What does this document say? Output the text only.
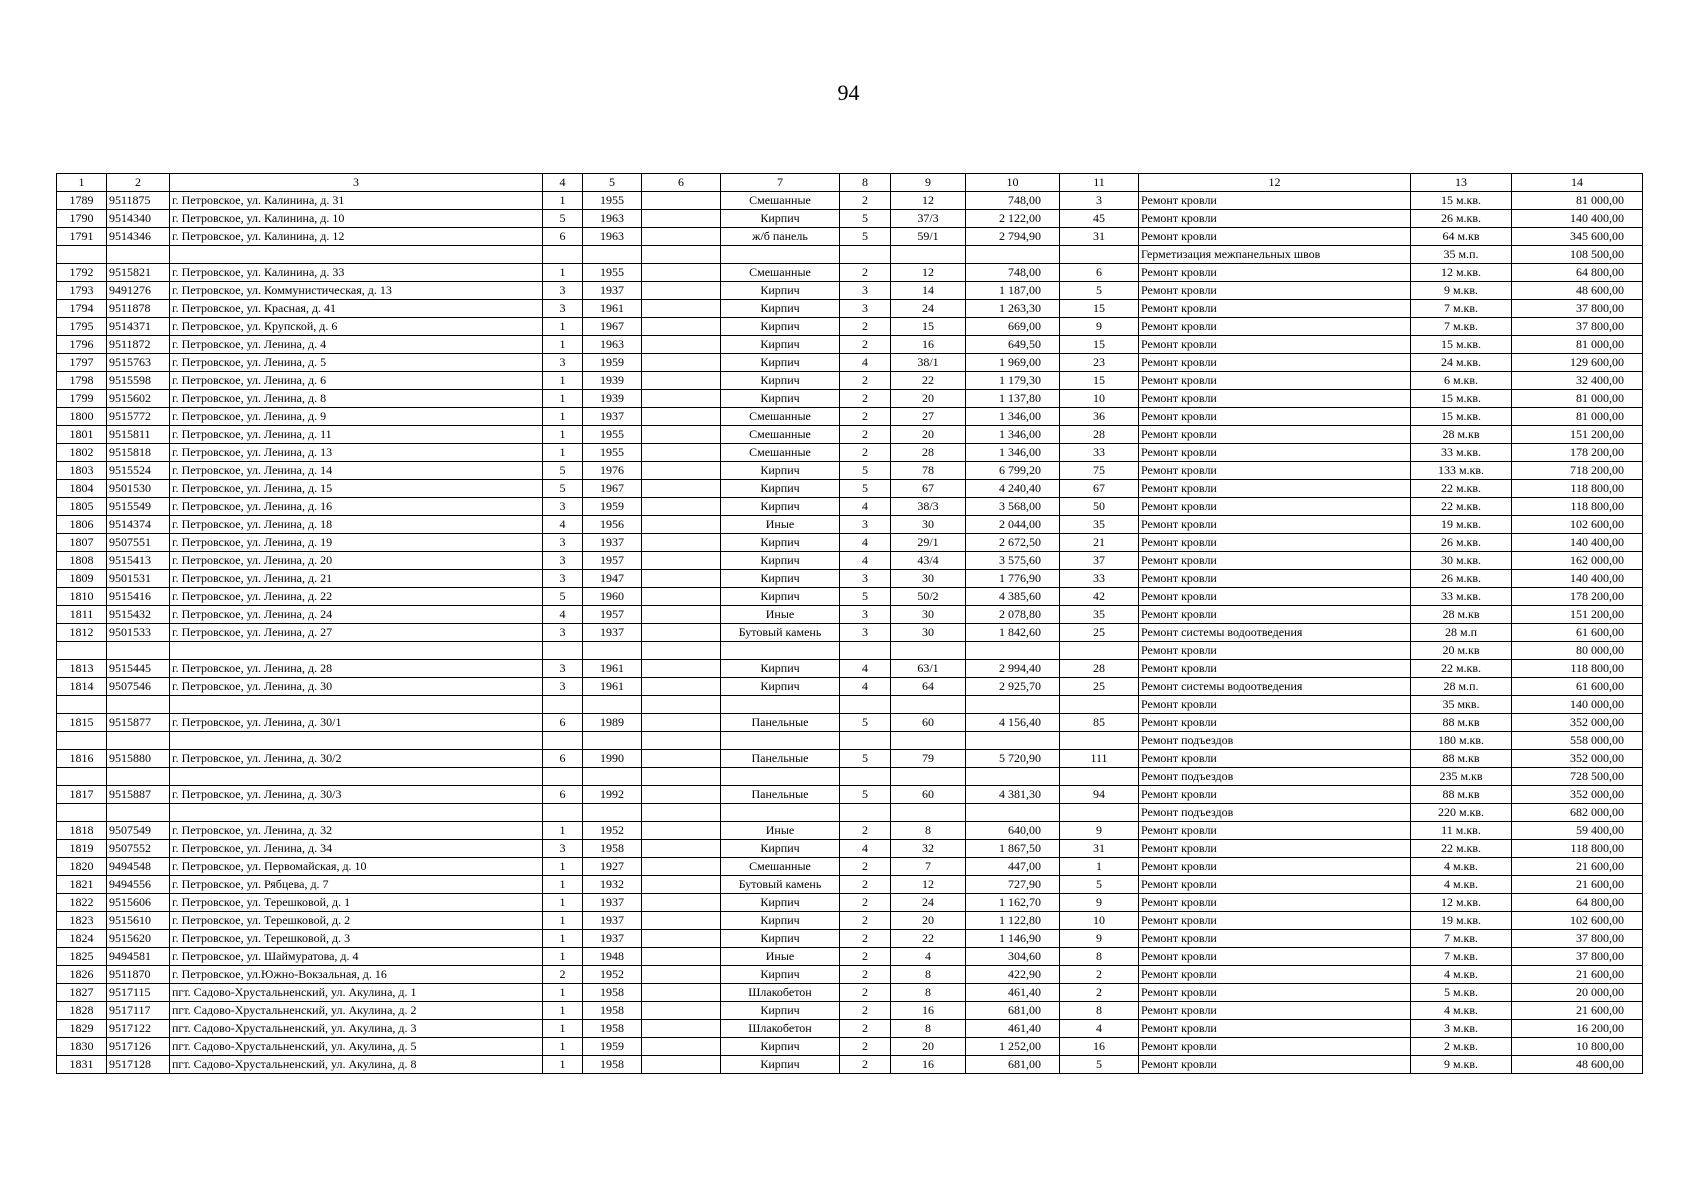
94
1	2	3	4	5	6	7	8	9	10	11	12	13	14
1789	9511875	г. Петровское, ул. Калинина, д. 31	1	1955		Смешанные	2	12	748,00	3	Ремонт кровли	15 м.кв.	81 000,00
1790	9514340	г. Петровское, ул. Калинина, д. 10	5	1963		Кирпич	5	37/3	2 122,00	45	Ремонт кровли	26 м.кв.	140 400,00
1791	9514346	г. Петровское, ул. Калинина, д. 12	6	1963		ж/б панель	5	59/1	2 794,90	31	Ремонт кровли	64 м.кв	345 600,00
											Герметизация межпанельных швов	35 м.п.	108 500,00
1792	9515821	г. Петровское, ул. Калинина, д. 33	1	1955		Смешанные	2	12	748,00	6	Ремонт кровли	12 м.кв.	64 800,00
1793	9491276	г. Петровское, ул. Коммунистическая, д. 13	3	1937		Кирпич	3	14	1 187,00	5	Ремонт кровли	9 м.кв.	48 600,00
1794	9511878	г. Петровское, ул. Красная, д. 41	3	1961		Кирпич	3	24	1 263,30	15	Ремонт кровли	7 м.кв.	37 800,00
1795	9514371	г. Петровское, ул. Крупской, д. 6	1	1967		Кирпич	2	15	669,00	9	Ремонт кровли	7 м.кв.	37 800,00
1796	9511872	г. Петровское, ул. Ленина, д. 4	1	1963		Кирпич	2	16	649,50	15	Ремонт кровли	15 м.кв.	81 000,00
1797	9515763	г. Петровское, ул. Ленина, д. 5	3	1959		Кирпич	4	38/1	1 969,00	23	Ремонт кровли	24 м.кв.	129 600,00
1798	9515598	г. Петровское, ул. Ленина, д. 6	1	1939		Кирпич	2	22	1 179,30	15	Ремонт кровли	6 м.кв.	32 400,00
1799	9515602	г. Петровское, ул. Ленина, д. 8	1	1939		Кирпич	2	20	1 137,80	10	Ремонт кровли	15 м.кв.	81 000,00
1800	9515772	г. Петровское, ул. Ленина, д. 9	1	1937		Смешанные	2	27	1 346,00	36	Ремонт кровли	15 м.кв.	81 000,00
1801	9515811	г. Петровское, ул. Ленина, д. 11	1	1955		Смешанные	2	20	1 346,00	28	Ремонт кровли	28 м.кв	151 200,00
1802	9515818	г. Петровское, ул. Ленина, д. 13	1	1955		Смешанные	2	28	1 346,00	33	Ремонт кровли	33 м.кв.	178 200,00
1803	9515524	г. Петровское, ул. Ленина, д. 14	5	1976		Кирпич	5	78	6 799,20	75	Ремонт кровли	133 м.кв.	718 200,00
1804	9501530	г. Петровское, ул. Ленина, д. 15	5	1967		Кирпич	5	67	4 240,40	67	Ремонт кровли	22 м.кв.	118 800,00
1805	9515549	г. Петровское, ул. Ленина, д. 16	3	1959		Кирпич	4	38/3	3 568,00	50	Ремонт кровли	22 м.кв.	118 800,00
1806	9514374	г. Петровское, ул. Ленина, д. 18	4	1956		Иные	3	30	2 044,00	35	Ремонт кровли	19 м.кв.	102 600,00
1807	9507551	г. Петровское, ул. Ленина, д. 19	3	1937		Кирпич	4	29/1	2 672,50	21	Ремонт кровли	26 м.кв.	140 400,00
1808	9515413	г. Петровское, ул. Ленина, д. 20	3	1957		Кирпич	4	43/4	3 575,60	37	Ремонт кровли	30 м.кв.	162 000,00
1809	9501531	г. Петровское, ул. Ленина, д. 21	3	1947		Кирпич	3	30	1 776,90	33	Ремонт кровли	26 м.кв.	140 400,00
1810	9515416	г. Петровское, ул. Ленина, д. 22	5	1960		Кирпич	5	50/2	4 385,60	42	Ремонт кровли	33 м.кв.	178 200,00
1811	9515432	г. Петровское, ул. Ленина, д. 24	4	1957		Иные	3	30	2 078,80	35	Ремонт кровли	28 м.кв	151 200,00
1812	9501533	г. Петровское, ул. Ленина, д. 27	3	1937		Бутовый камень	3	30	1 842,60	25	Ремонт системы водоотведения	28 м.п	61 600,00
											Ремонт кровли	20 м.кв	80 000,00
1813	9515445	г. Петровское, ул. Ленина, д. 28	3	1961		Кирпич	4	63/1	2 994,40	28	Ремонт кровли	22 м.кв.	118 800,00
1814	9507546	г. Петровское, ул. Ленина, д. 30	3	1961		Кирпич	4	64	2 925,70	25	Ремонт системы водоотведения	28 м.п.	61 600,00
											Ремонт кровли	35 мкв.	140 000,00
1815	9515877	г. Петровское, ул. Ленина, д. 30/1	6	1989		Панельные	5	60	4 156,40	85	Ремонт кровли	88 м.кв	352 000,00
											Ремонт подъездов	180 м.кв.	558 000,00
1816	9515880	г. Петровское, ул. Ленина, д. 30/2	6	1990		Панельные	5	79	5 720,90	111	Ремонт кровли	88 м.кв	352 000,00
											Ремонт подъездов	235 м.кв	728 500,00
1817	9515887	г. Петровское, ул. Ленина, д. 30/3	6	1992		Панельные	5	60	4 381,30	94	Ремонт кровли	88 м.кв	352 000,00
											Ремонт подъездов	220 м.кв.	682 000,00
1818	9507549	г. Петровское, ул. Ленина, д. 32	1	1952		Иные	2	8	640,00	9	Ремонт кровли	11 м.кв.	59 400,00
1819	9507552	г. Петровское, ул. Ленина, д. 34	3	1958		Кирпич	4	32	1 867,50	31	Ремонт кровли	22 м.кв.	118 800,00
1820	9494548	г. Петровское, ул. Первомайская, д. 10	1	1927		Смешанные	2	7	447,00	1	Ремонт кровли	4 м.кв.	21 600,00
1821	9494556	г. Петровское, ул. Рябцева, д. 7	1	1932		Бутовый камень	2	12	727,90	5	Ремонт кровли	4 м.кв.	21 600,00
1822	9515606	г. Петровское, ул. Терешковой, д. 1	1	1937		Кирпич	2	24	1 162,70	9	Ремонт кровли	12 м.кв.	64 800,00
1823	9515610	г. Петровское, ул. Терешковой, д. 2	1	1937		Кирпич	2	20	1 122,80	10	Ремонт кровли	19 м.кв.	102 600,00
1824	9515620	г. Петровское, ул. Терешковой, д. 3	1	1937		Кирпич	2	22	1 146,90	9	Ремонт кровли	7 м.кв.	37 800,00
1825	9494581	г. Петровское, ул. Шаймуратова, д. 4	1	1948		Иные	2	4	304,60	8	Ремонт кровли	7 м.кв.	37 800,00
1826	9511870	г. Петровское, ул.Южно-Вокзальная, д. 16	2	1952		Кирпич	2	8	422,90	2	Ремонт кровли	4 м.кв.	21 600,00
1827	9517115	пгт. Садово-Хрустальненский, ул. Акулина, д. 1	1	1958		Шлакобетон	2	8	461,40	2	Ремонт кровли	5 м.кв.	20 000,00
1828	9517117	пгт. Садово-Хрустальненский, ул. Акулина, д. 2	1	1958		Кирпич	2	16	681,00	8	Ремонт кровли	4 м.кв.	21 600,00
1829	9517122	пгт. Садово-Хрустальненский, ул. Акулина, д. 3	1	1958		Шлакобетон	2	8	461,40	4	Ремонт кровли	3 м.кв.	16 200,00
1830	9517126	пгт. Садово-Хрустальненский, ул. Акулина, д. 5	1	1959		Кирпич	2	20	1 252,00	16	Ремонт кровли	2 м.кв.	10 800,00
1831	9517128	пгт. Садово-Хрустальненский, ул. Акулина, д. 8	1	1958		Кирпич	2	16	681,00	5	Ремонт кровли	9 м.кв.	48 600,00
